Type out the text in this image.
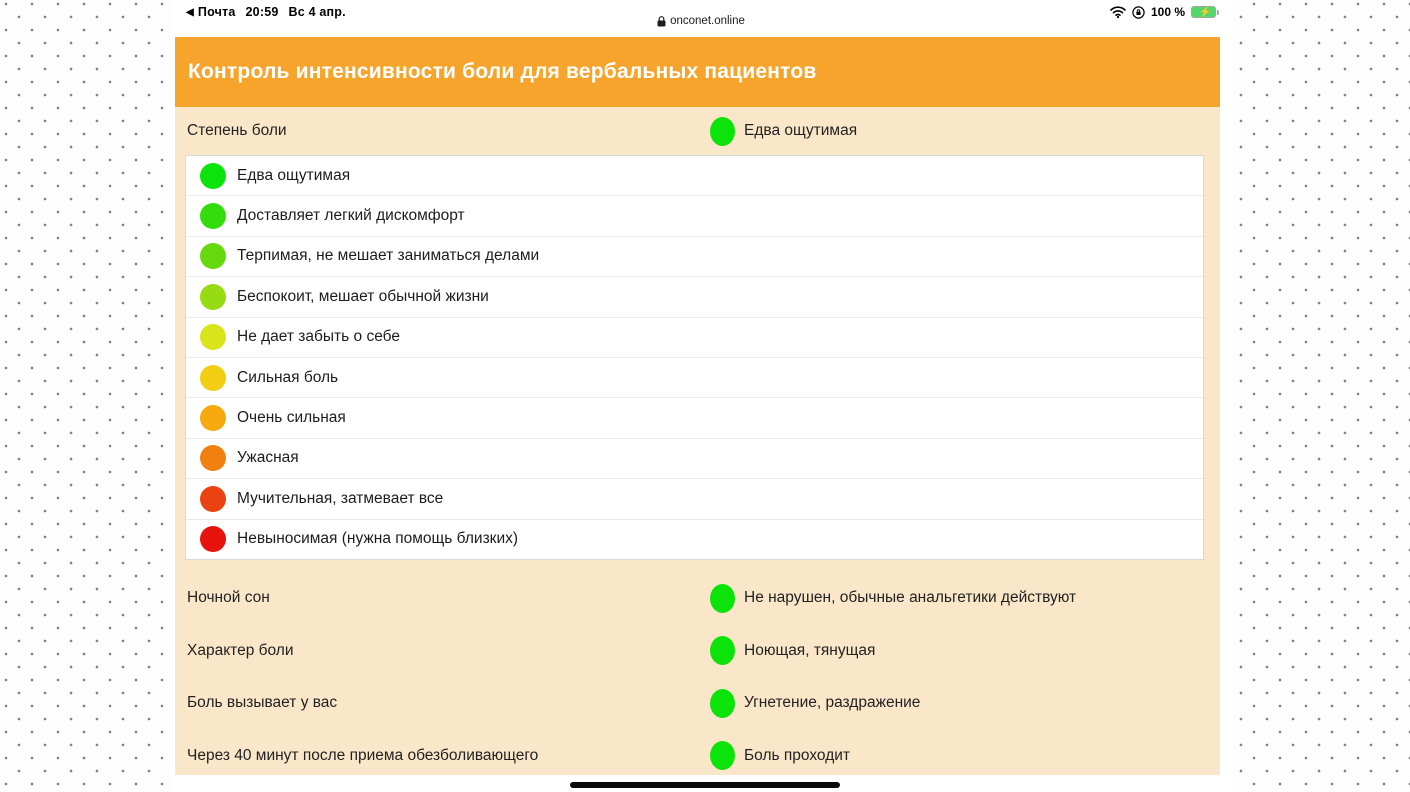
◀ Почта 20:59 Вс 4 апр.
onconet.online
100 % ⚡
Контроль интенсивности боли для вербальных пациентов
Степень боли	Едва ощутимая
Едва ощутимая
Доставляет легкий дискомфорт
Терпимая, не мешает заниматься делами
Беспокоит, мешает обычной жизни
Не дает забыть о себе
Сильная боль
Очень сильная
Ужасная
Мучительная, затмевает все
Невыносимая (нужна помощь близких)
Ночной сон	Не нарушен, обычные анальгетики действуют
Характер боли	Ноющая, тянущая
Боль вызывает у вас	Угнетение, раздражение
Через 40 минут после приема обезболивающего	Боль проходит
